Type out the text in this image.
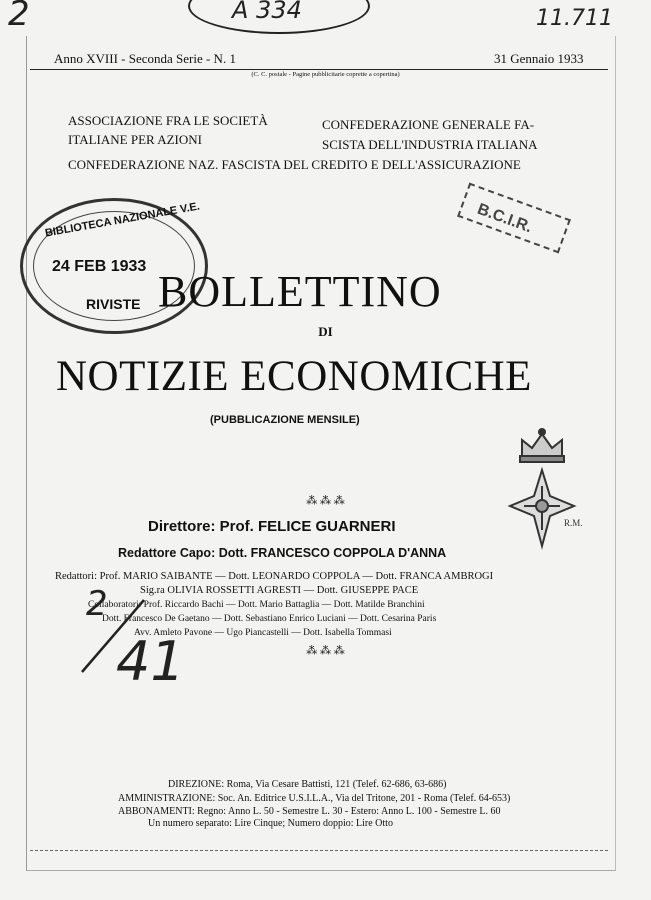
2	A 334	11.711
Anno XVIII - Seconda Serie - N. 1	31 Gennaio 1933
(C. C. postale - Pagine pubblicitarie coprette a copertina)
ASSOCIAZIONE FRA LE SOCIETÀ
ITALIANE PER AZIONI
CONFEDERAZIONE GENERALE FA-
SCISTA DELL'INDUSTRIA ITALIANA
CONFEDERAZIONE NAZ. FASCISTA DEL CREDITO E DELL'ASSICURAZIONE
BIBLIOTECA NAZIONALE V.E.
24 FEB 1933
RIVISTE
B.C.I.R.
BOLLETTINO
DI
NOTIZIE ECONOMICHE
(PUBBLICAZIONE MENSILE)
R.M.
⁂ ⁂ ⁂
Direttore: Prof. FELICE GUARNERI
Redattore Capo: Dott. FRANCESCO COPPOLA D'ANNA
Redattori: Prof. MARIO SAIBANTE — Dott. LEONARDO COPPOLA — Dott. FRANCA AMBROGI
Sig.ra OLIVIA ROSSETTI AGRESTI — Dott. GIUSEPPE PACE
Collaboratori: Prof. Riccardo Bachi — Dott. Mario Battaglia — Dott. Matilde Branchini
Dott. Francesco De Gaetano — Dott. Sebastiano Enrico Luciani — Dott. Cesarina Paris
Avv. Amleto Pavone — Ugo Piancastelli — Dott. Isabella Tommasi
2
41	⁂ ⁂ ⁂
DIREZIONE: Roma, Via Cesare Battisti, 121 (Telef. 62-686, 63-686)
AMMINISTRAZIONE: Soc. An. Editrice U.S.I.L.A., Via del Tritone, 201 - Roma (Telef. 64-653)
ABBONAMENTI: Regno: Anno L. 50 - Semestre L. 30 - Estero: Anno L. 100 - Semestre L. 60
Un numero separato: Lire Cinque; Numero doppio: Lire Otto
